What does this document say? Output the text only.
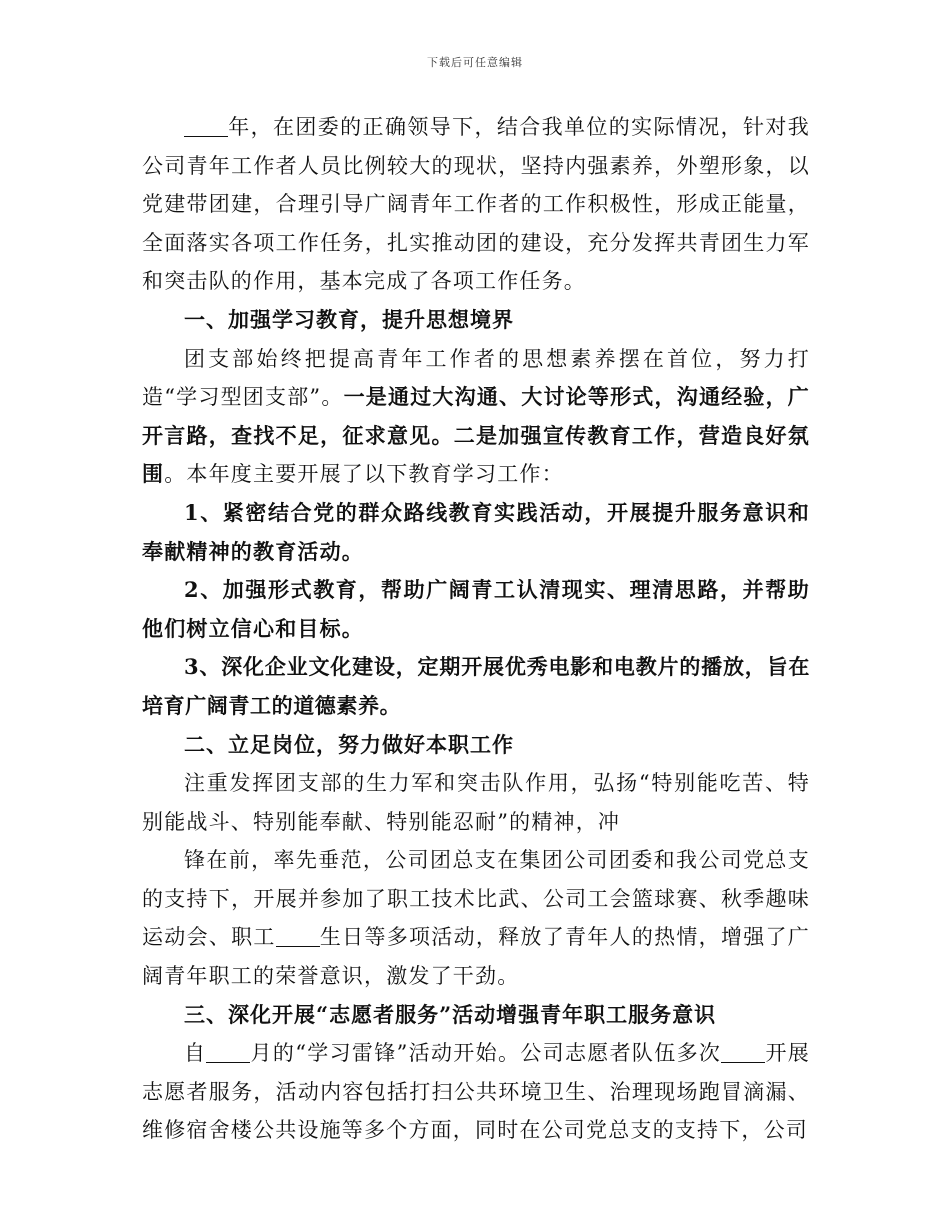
下载后可任意编辑

年，在团委的正确领导下，结合我单位的实际情况，针对我公司青年工作者人员比例较大的现状，坚持内强素养，外塑形象，以党建带团建，合理引导广阔青年工作者的工作积极性，形成正能量，全面落实各项工作任务，扎实推动团的建设，充分发挥共青团生力军和突击队的作用，基本完成了各项工作任务。

一、加强学习教育，提升思想境界

团支部始终把提高青年工作者的思想素养摆在首位，努力打造“学习型团支部”。一是通过大沟通、大讨论等形式，沟通经验，广开言路，查找不足，征求意见。二是加强宣传教育工作，营造良好氛围。本年度主要开展了以下教育学习工作：

1、紧密结合党的群众路线教育实践活动，开展提升服务意识和奉献精神的教育活动。

2、加强形式教育，帮助广阔青工认清现实、理清思路，并帮助他们树立信心和目标。

3、深化企业文化建设，定期开展优秀电影和电教片的播放，旨在培育广阔青工的道德素养。

二、立足岗位，努力做好本职工作

注重发挥团支部的生力军和突击队作用，弘扬“特别能吃苦、特别能战斗、特别能奉献、特别能忍耐”的精神，冲

锋在前，率先垂范，公司团总支在集团公司团委和我公司党总支的支持下，开展并参加了职工技术比武、公司工会篮球赛、秋季趣味运动会、职工 生日等多项活动，释放了青年人的热情，增强了广阔青年职工的荣誉意识，激发了干劲。

三、深化开展“志愿者服务”活动增强青年职工服务意识

自 月的“学习雷锋”活动开始。公司志愿者队伍多次 开展志愿者服务，活动内容包括打扫公共环境卫生、治理现场跑冒滴漏、维修宿舍楼公共设施等多个方面，同时在公司党总支的支持下，公司
